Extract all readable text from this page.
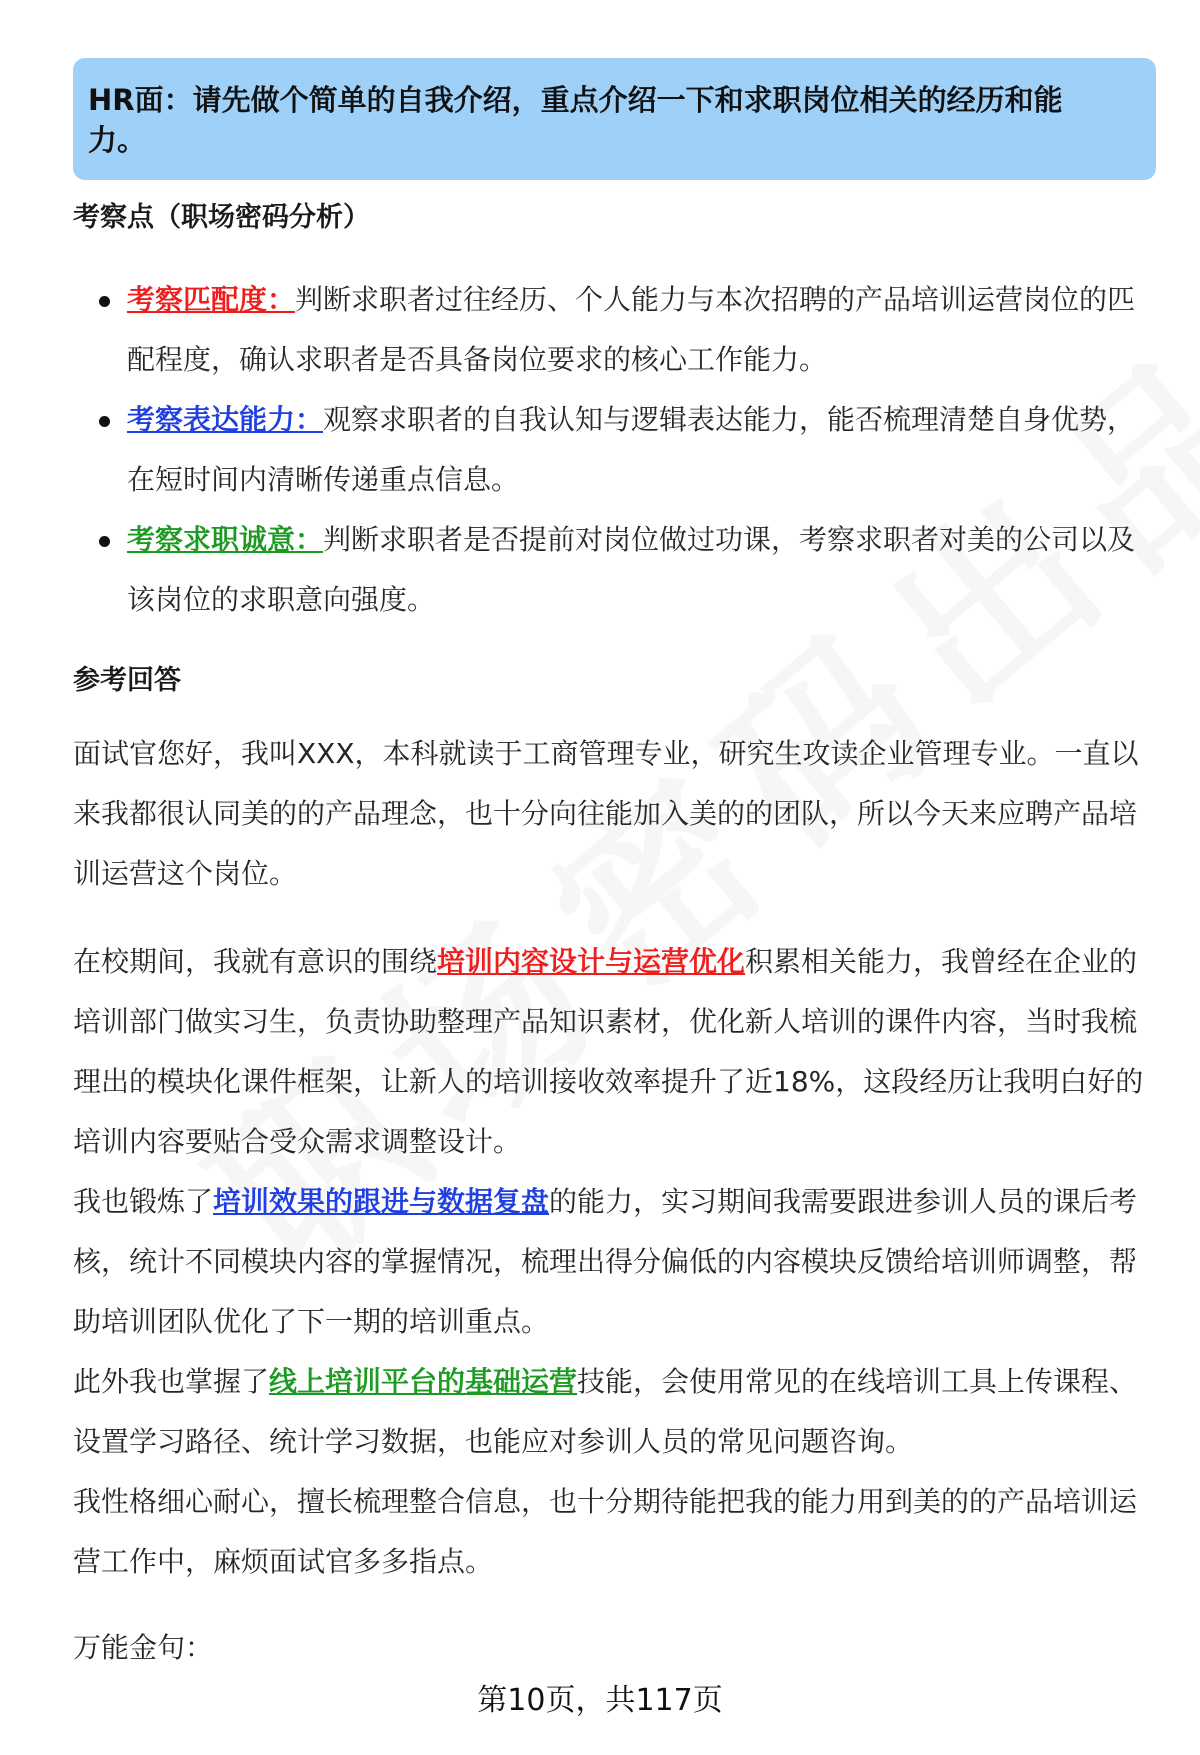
HR面：请先做个简单的自我介绍，重点介绍一下和求职岗位相关的经历和能力。
考察点（职场密码分析）
考察匹配度：判断求职者过往经历、个人能力与本次招聘的产品培训运营岗位的匹配程度，确认求职者是否具备岗位要求的核心工作能力。
考察表达能力：观察求职者的自我认知与逻辑表达能力，能否梳理清楚自身优势，在短时间内清晰传递重点信息。
考察求职诚意：判断求职者是否提前对岗位做过功课，考察求职者对美的公司以及该岗位的求职意向强度。
参考回答

面试官您好，我叫XXX，本科就读于工商管理专业，研究生攻读企业管理专业。一直以来我都很认同美的的产品理念，也十分向往能加入美的的团队，所以今天来应聘产品培训运营这个岗位。

在校期间，我就有意识的围绕培训内容设计与运营优化积累相关能力，我曾经在企业的培训部门做实习生，负责协助整理产品知识素材，优化新人培训的课件内容，当时我梳理出的模块化课件框架，让新人的培训接收效率提升了近18%，这段经历让我明白好的培训内容要贴合受众需求调整设计。

我也锻炼了培训效果的跟进与数据复盘的能力，实习期间我需要跟进参训人员的课后考核，统计不同模块内容的掌握情况，梳理出得分偏低的内容模块反馈给培训师调整，帮助培训团队优化了下一期的培训重点。

此外我也掌握了线上培训平台的基础运营技能，会使用常见的在线培训工具上传课程、设置学习路径、统计学习数据，也能应对参训人员的常见问题咨询。

我性格细心耐心，擅长梳理整合信息，也十分期待能把我的能力用到美的的产品培训运营工作中，麻烦面试官多多指点。

万能金句：

第10页，共117页
